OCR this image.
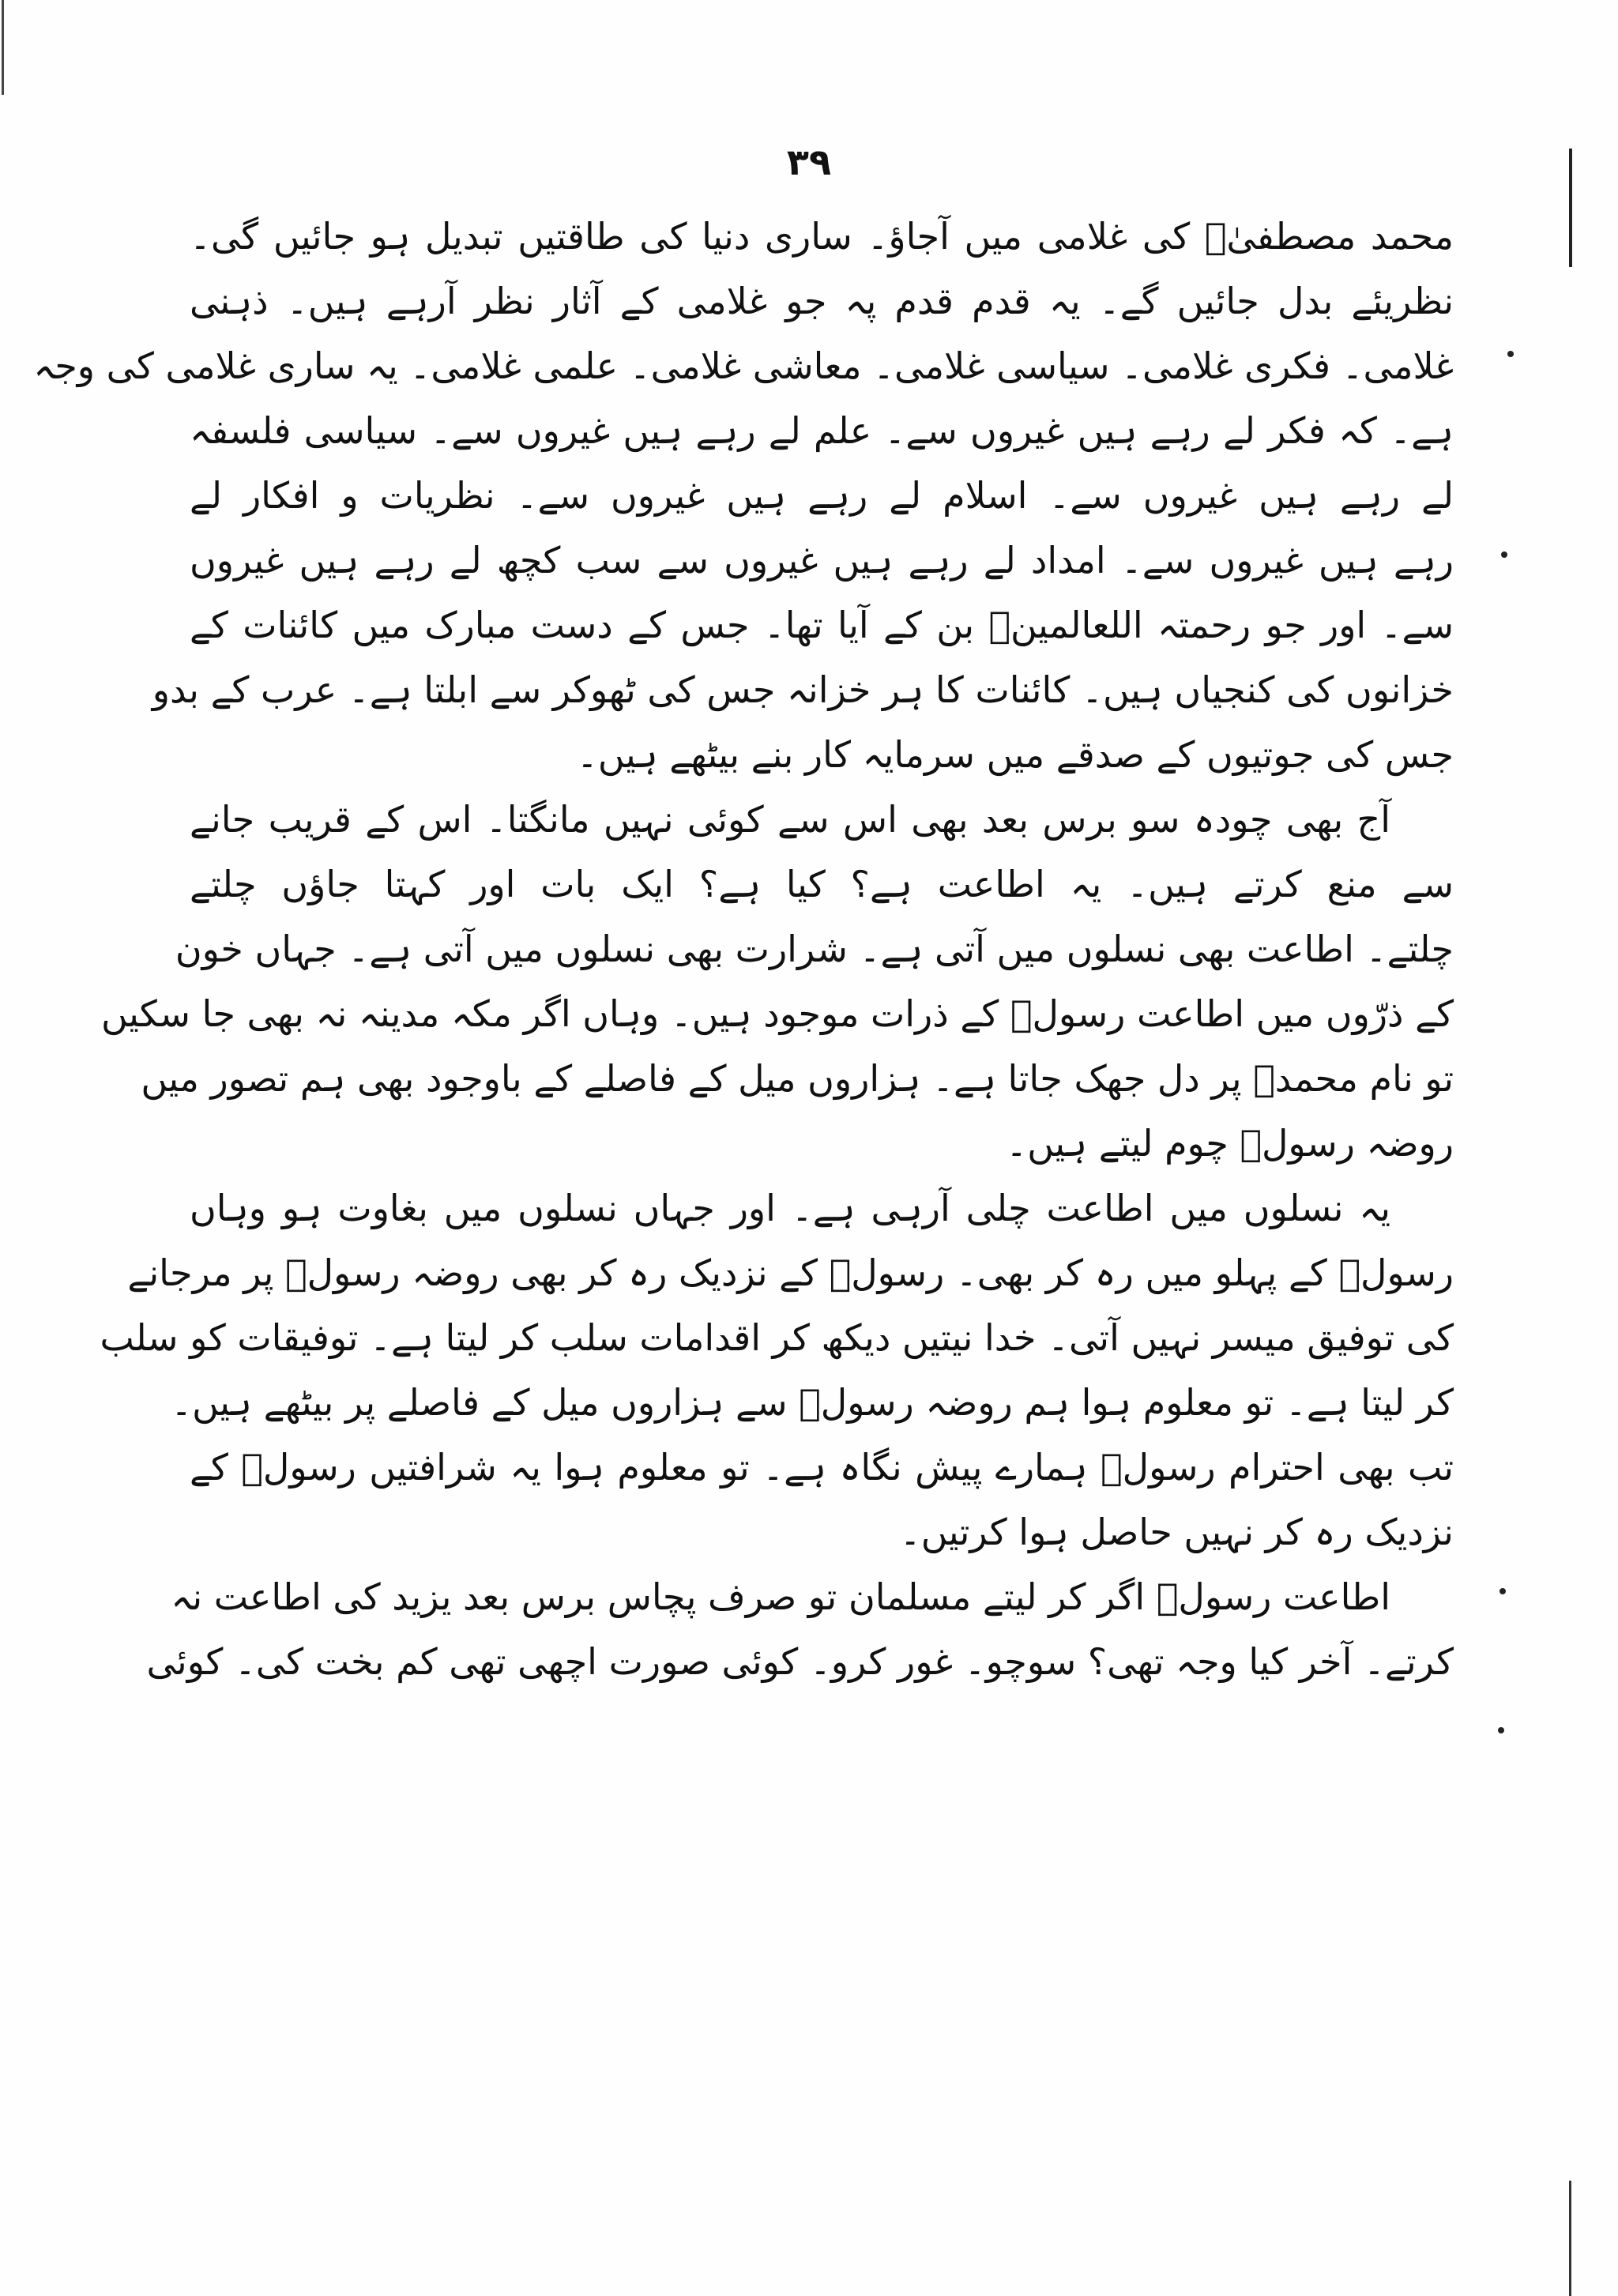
۳۹
محمد مصطفیٰؐ کی غلامی میں آجاؤ۔ ساری دنیا کی طاقتیں تبدیل ہو جائیں گی۔
نظریئے بدل جائیں گے۔ یہ قدم قدم پہ جو غلامی کے آثار نظر آرہے ہیں۔ ذہنی
غلامی۔ فکری غلامی۔ سیاسی غلامی۔ معاشی غلامی۔ علمی غلامی۔ یہ ساری غلامی کی وجہ
ہے۔ کہ فکر لے رہے ہیں غیروں سے۔ علم لے رہے ہیں غیروں سے۔ سیاسی فلسفہ
لے رہے ہیں غیروں سے۔ اسلام لے رہے ہیں غیروں سے۔ نظریات و افکار لے
رہے ہیں غیروں سے۔ امداد لے رہے ہیں غیروں سے سب کچھ لے رہے ہیں غیروں
سے۔ اور جو رحمتہ اللعالمینؐ بن کے آیا تھا۔ جس کے دست مبارک میں کائنات کے
خزانوں کی کنجیاں ہیں۔ کائنات کا ہر خزانہ جس کی ٹھوکر سے ابلتا ہے۔ عرب کے بدو
جس کی جوتیوں کے صدقے میں سرمایہ کار بنے بیٹھے ہیں۔
آج بھی چودہ سو برس بعد بھی اس سے کوئی نہیں مانگتا۔ اس کے قریب جانے
سے منع کرتے ہیں۔ یہ اطاعت ہے؟ کیا ہے؟ ایک بات اور کہتا جاؤں چلتے
چلتے۔ اطاعت بھی نسلوں میں آتی ہے۔ شرارت بھی نسلوں میں آتی ہے۔ جہاں خون
کے ذرّوں میں اطاعت رسولؐ کے ذرات موجود ہیں۔ وہاں اگر مکہ مدینہ نہ بھی جا سکیں
تو نام محمدؐ پر دل جھک جاتا ہے۔ ہزاروں میل کے فاصلے کے باوجود بھی ہم تصور میں
روضہ رسولؐ چوم لیتے ہیں۔
یہ نسلوں میں اطاعت چلی آرہی ہے۔ اور جہاں نسلوں میں بغاوت ہو وہاں
رسولؐ کے پہلو میں رہ کر بھی۔ رسولؐ کے نزدیک رہ کر بھی روضہ رسولؐ پر مرجانے
کی توفیق میسر نہیں آتی۔ خدا نیتیں دیکھ کر اقدامات سلب کر لیتا ہے۔ توفیقات کو سلب
کر لیتا ہے۔ تو معلوم ہوا ہم روضہ رسولؐ سے ہزاروں میل کے فاصلے پر بیٹھے ہیں۔
تب بھی احترام رسولؐ ہمارے پیش نگاہ ہے۔ تو معلوم ہوا یہ شرافتیں رسولؐ کے
نزدیک رہ کر نہیں حاصل ہوا کرتیں۔
اطاعت رسولؐ اگر کر لیتے مسلمان تو صرف پچاس برس بعد یزید کی اطاعت نہ
کرتے۔ آخر کیا وجہ تھی؟ سوچو۔ غور کرو۔ کوئی صورت اچھی تھی کم بخت کی۔ کوئی
